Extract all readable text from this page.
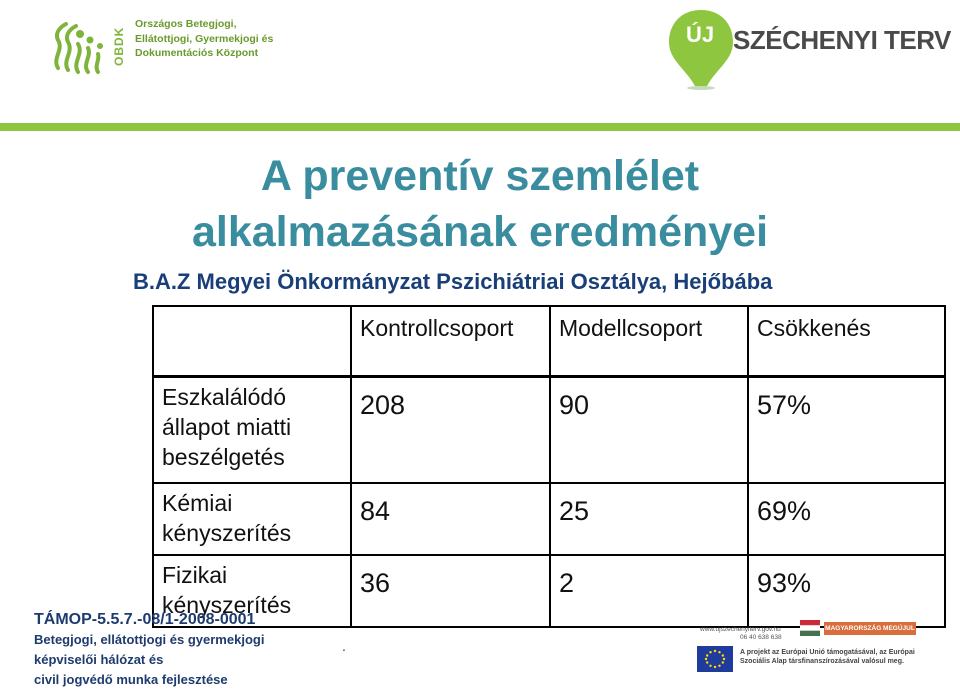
OBDK
Országos Betegjogi,
Ellátottjogi, Gyermekjogi és
Dokumentációs Központ
ÚJ SZÉCHENYI TERV
A preventív szemlélet
alkalmazásának eredményei
B.A.Z Megyei Önkormányzat Pszichiátriai Osztálya, Hejőbába
	Kontrollcsoport	Modellcsoport	Csökkenés

Eszkalálódó
állapot miatti
beszélgetés	208	90	57%

Kémiai
kényszerítés	84	25	69%

Fizikai
kényszerítés	36	2	93%
TÁMOP-5.5.7.-08/1-2008-0001
Betegjogi, ellátottjogi és gyermekjogi
képviselői hálózat és
civil jogvédő munka fejlesztése
.
www.ujszechenyiterv.gov.hu
06 40 638 638
MAGYARORSZÁG MEGÚJUL
A projekt az Európai Unió támogatásával, az Európai
Szociális Alap társfinanszírozásával valósul meg.
